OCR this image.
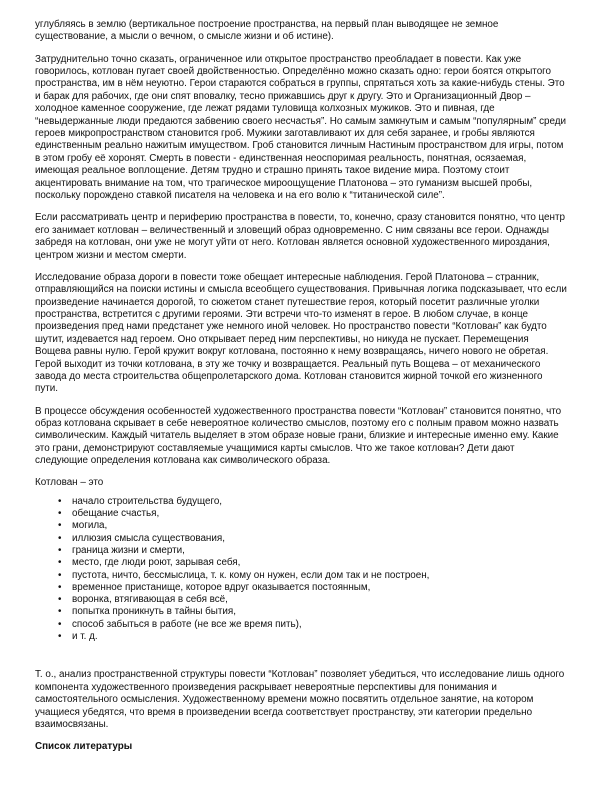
углубляясь в землю (вертикальное построение пространства, на первый план выводящее не земное существование, а мысли о вечном, о смысле жизни и об истине).

Затруднительно точно сказать, ограниченное или открытое пространство преобладает в повести. Как уже говорилось, котлован пугает своей двойственностью. Определённо можно сказать одно: герои боятся открытого пространства, им в нём неуютно. Герои стараются собраться в группы, спрятаться хоть за какие-нибудь стены. Это и барак для рабочих, где они спят вповалку, тесно прижавшись друг к другу. Это и Организационный Двор – холодное каменное сооружение, где лежат рядами туловища колхозных мужиков. Это и пивная, где “невыдержанные люди предаются забвению своего несчастья”. Но самым замкнутым и самым “популярным” среди героев микропространством становится гроб. Мужики заготавливают их для себя заранее, и гробы являются единственным реально нажитым имуществом. Гроб становится личным Настиным пространством для игры, потом в этом гробу её хоронят. Смерть в повести - единственная неоспоримая реальность, понятная, осязаемая, имеющая реальное воплощение. Детям трудно и страшно принять такое видение мира. Поэтому стоит акцентировать внимание на том, что трагическое мироощущение Платонова – это гуманизм высшей пробы, поскольку порождено ставкой писателя на человека и на его волю к “титанической силе”.

Если рассматривать центр и периферию пространства в повести, то, конечно, сразу становится понятно, что центр его занимает котлован – величественный и зловещий образ одновременно. С ним связаны все герои. Однажды забредя на котлован, они уже не могут уйти от него. Котлован является основной художественного мироздания, центром жизни и местом смерти.

Исследование образа дороги в повести тоже обещает интересные наблюдения. Герой Платонова – странник, отправляющийся на поиски истины и смысла всеобщего существования. Привычная логика подсказывает, что если произведение начинается дорогой, то сюжетом станет путешествие героя, который посетит различные уголки пространства, встретится с другими героями. Эти встречи что-то изменят в герое. В любом случае, в конце произведения пред нами предстанет уже немного иной человек. Но пространство повести “Котлован” как будто шутит, издевается над героем. Оно открывает перед ним перспективы, но никуда не пускает. Перемещения Вощева равны нулю. Герой кружит вокруг котлована, постоянно к нему возвращаясь, ничего нового не обретая. Герой выходит из точки котлована, в эту же точку и возвращается. Реальный путь Вощева – от механического завода до места строительства общепролетарского дома. Котлован становится жирной точкой его жизненного пути.

В процессе обсуждения особенностей художественного пространства повести “Котлован” становится понятно, что образ котлована скрывает в себе невероятное количество смыслов, поэтому его с полным правом можно назвать символическим. Каждый читатель выделяет в этом образе новые грани, близкие и интересные именно ему. Какие это грани, демонстрируют составляемые учащимися карты смыслов. Что же такое котлован? Дети дают следующие определения котлована как символического образа.

Котлован – это

• начало строительства будущего,
• обещание счастья,
• могила,
• иллюзия смысла существования,
• граница жизни и смерти,
• место, где люди роют, зарывая себя,
• пустота, ничто, бессмыслица, т. к. кому он нужен, если дом так и не построен,
• временное пристанище, которое вдруг оказывается постоянным,
• воронка, втягивающая в себя всё,
• попытка проникнуть в тайны бытия,
• способ забыться в работе (не все же время пить),
• и т. д.

Т. о., анализ пространственной структуры повести “Котлован” позволяет убедиться, что исследование лишь одного компонента художественного произведения раскрывает невероятные перспективы для понимания и самостоятельного осмысления. Художественному времени можно посвятить отдельное занятие, на котором учащиеся убедятся, что время в произведении всегда соответствует пространству, эти категории предельно взаимосвязаны.

Список литературы
